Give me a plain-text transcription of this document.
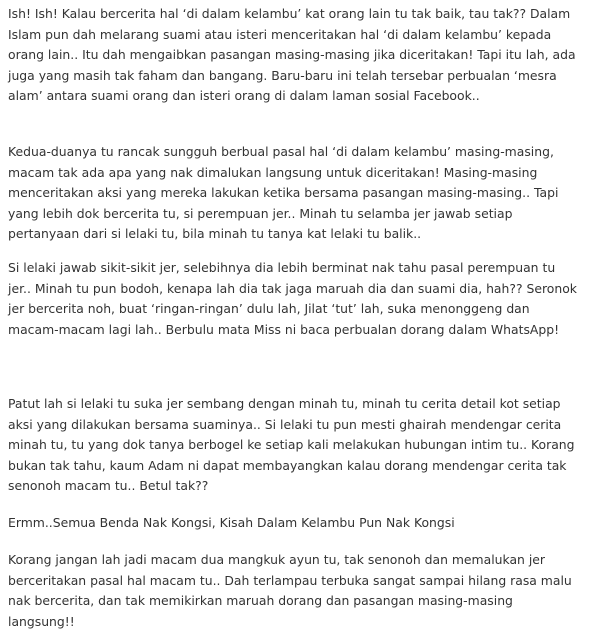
Ish! Ish! Kalau bercerita hal ‘di dalam kelambu’ kat orang lain tu tak baik, tau tak?? Dalam
Islam pun dah melarang suami atau isteri menceritakan hal ‘di dalam kelambu’ kepada
orang lain.. Itu dah mengaibkan pasangan masing-masing jika diceritakan! Tapi itu lah, ada
juga yang masih tak faham dan bangang. Baru-baru ini telah tersebar perbualan ‘mesra
alam’ antara suami orang dan isteri orang di dalam laman sosial Facebook..
Kedua-duanya tu rancak sungguh berbual pasal hal ‘di dalam kelambu’ masing-masing,
macam tak ada apa yang nak dimalukan langsung untuk diceritakan! Masing-masing
menceritakan aksi yang mereka lakukan ketika bersama pasangan masing-masing.. Tapi
yang lebih dok bercerita tu, si perempuan jer.. Minah tu selamba jer jawab setiap
pertanyaan dari si lelaki tu, bila minah tu tanya kat lelaki tu balik..
Si lelaki jawab sikit-sikit jer, selebihnya dia lebih berminat nak tahu pasal perempuan tu
jer.. Minah tu pun bodoh, kenapa lah dia tak jaga maruah dia dan suami dia, hah?? Seronok
jer bercerita noh, buat ‘ringan-ringan’ dulu lah, Jilat ‘tut’ lah, suka menonggeng dan
macam-macam lagi lah.. Berbulu mata Miss ni baca perbualan dorang dalam WhatsApp!
Patut lah si lelaki tu suka jer sembang dengan minah tu, minah tu cerita detail kot setiap
aksi yang dilakukan bersama suaminya.. Si lelaki tu pun mesti ghairah mendengar cerita
minah tu, tu yang dok tanya berbogel ke setiap kali melakukan hubungan intim tu.. Korang
bukan tak tahu, kaum Adam ni dapat membayangkan kalau dorang mendengar cerita tak
senonoh macam tu.. Betul tak??
Ermm..Semua Benda Nak Kongsi, Kisah Dalam Kelambu Pun Nak Kongsi
Korang jangan lah jadi macam dua mangkuk ayun tu, tak senonoh dan memalukan jer
berceritakan pasal hal macam tu.. Dah terlampau terbuka sangat sampai hilang rasa malu
nak bercerita, dan tak memikirkan maruah dorang dan pasangan masing-masing
langsung!!
